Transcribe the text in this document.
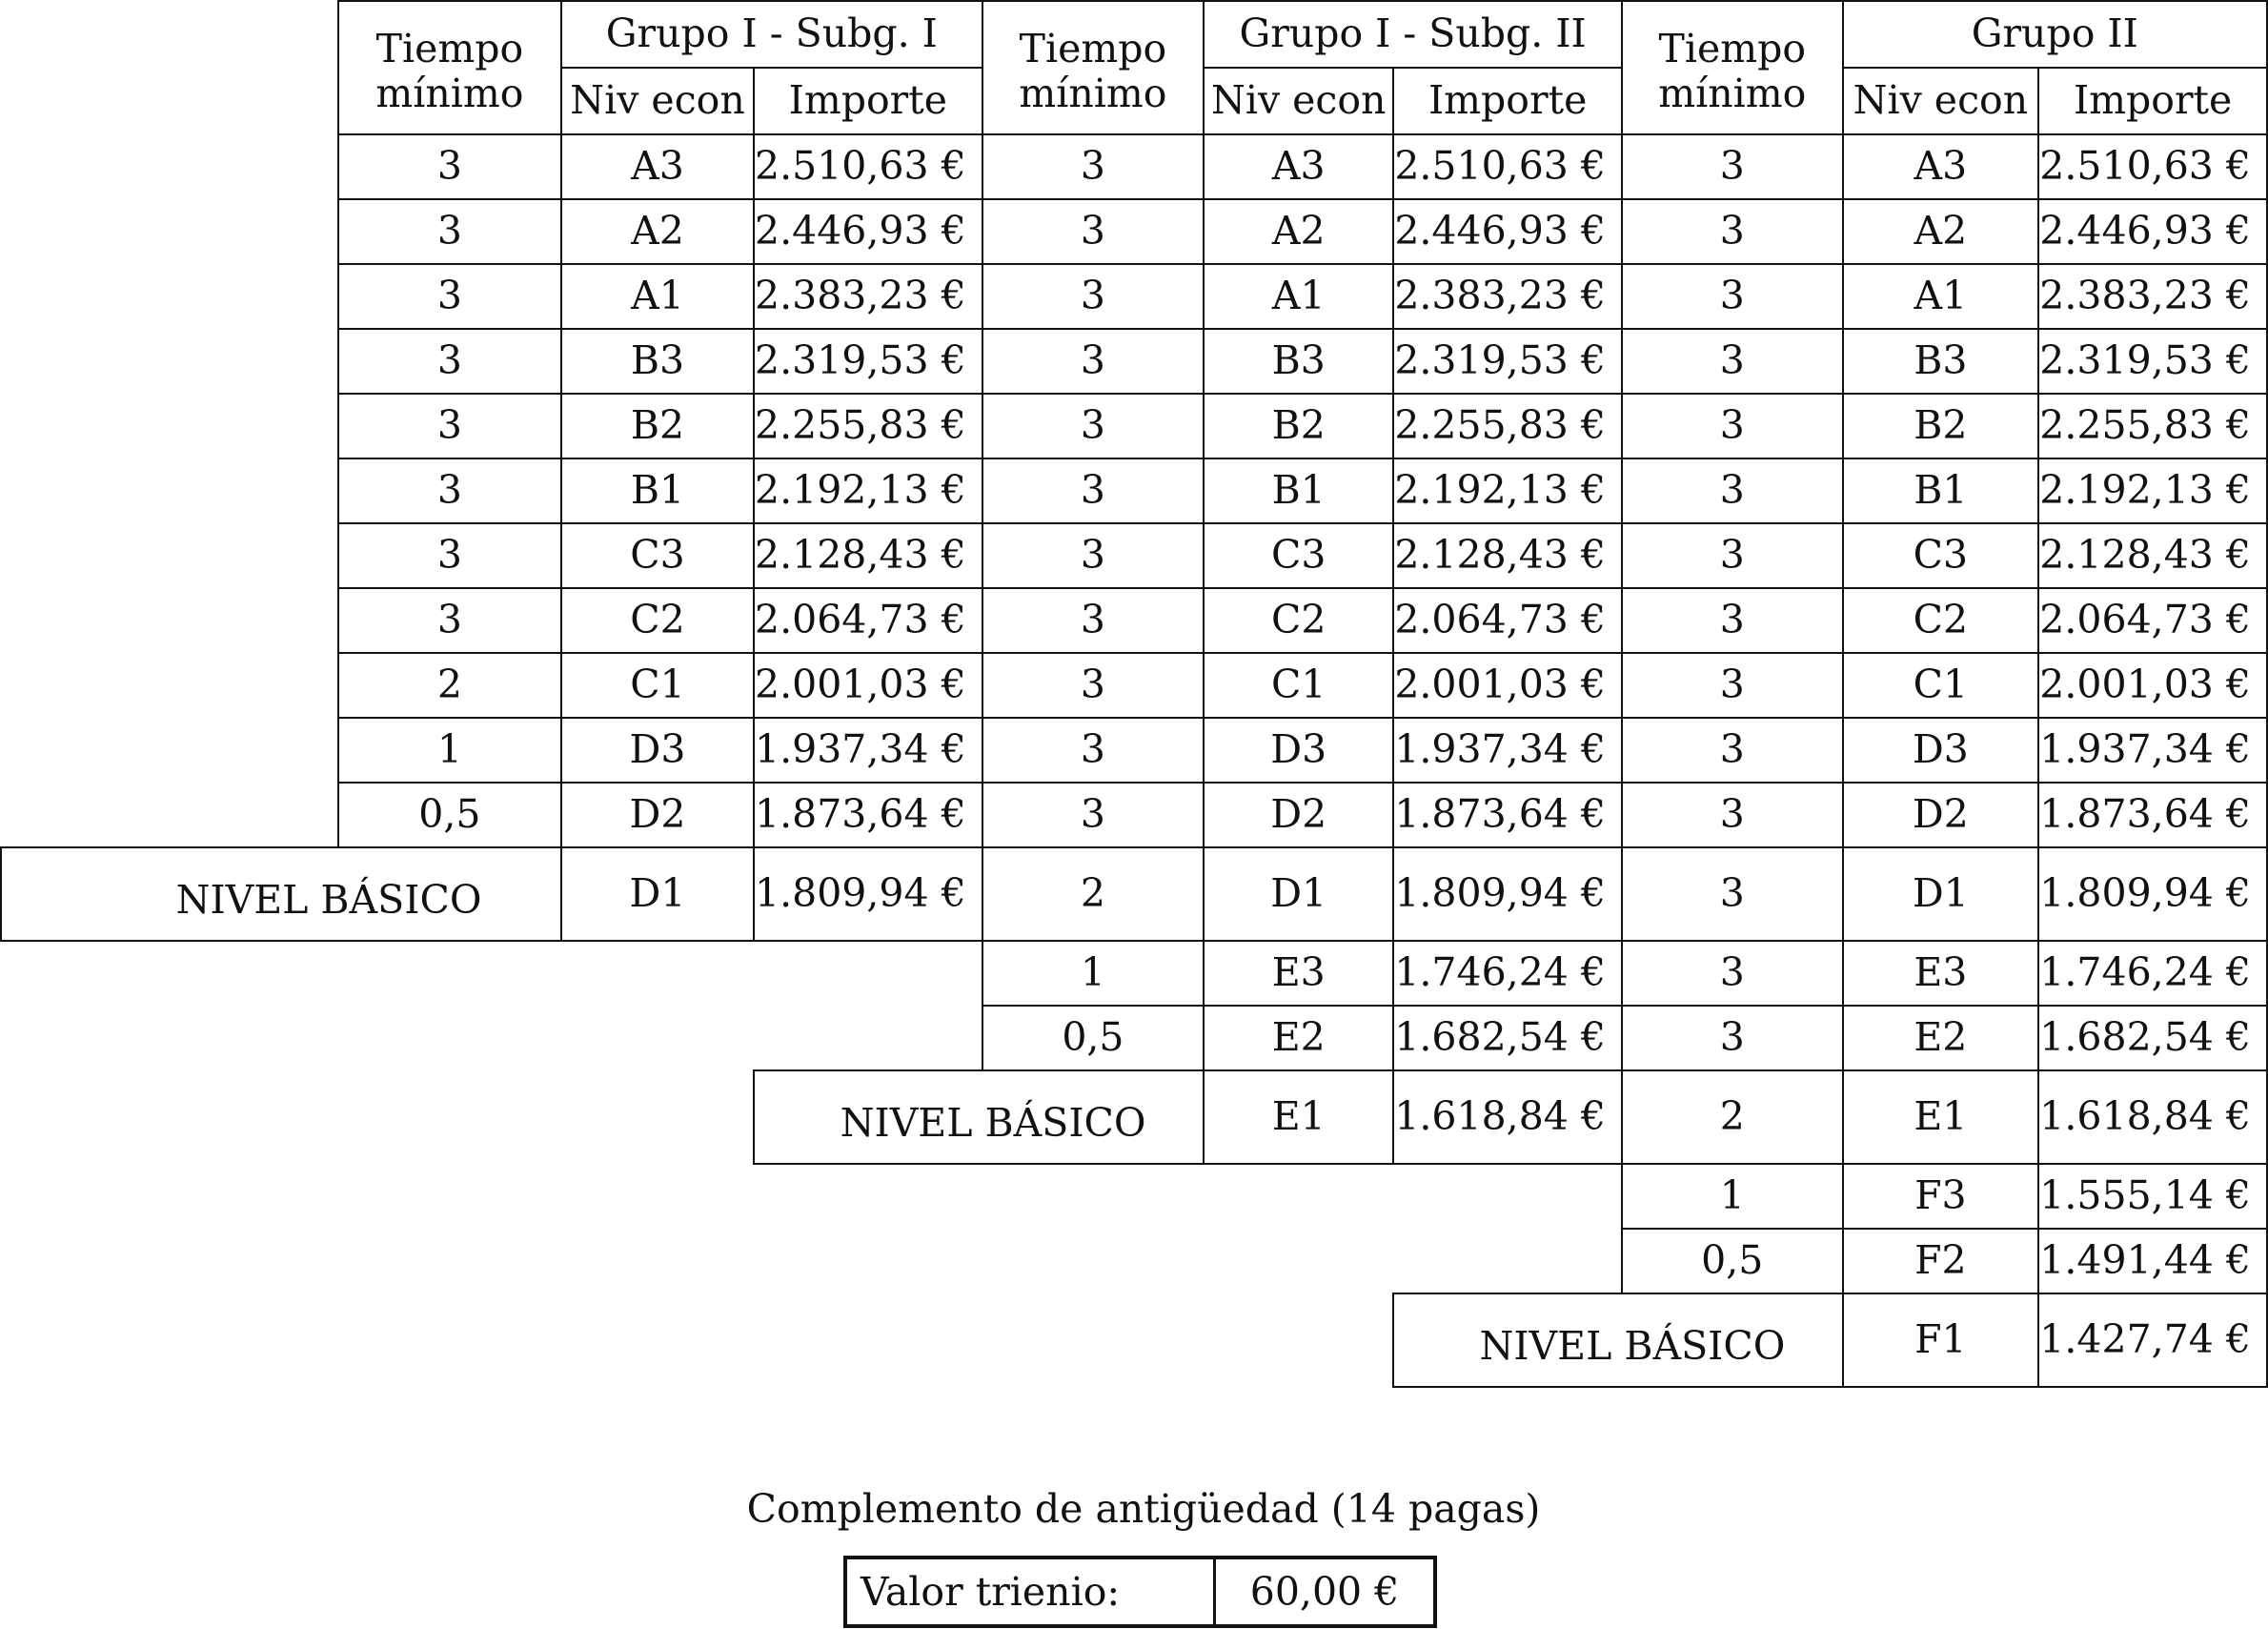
	Tiempo mínimo	Grupo I - Subg. I		Tiempo mínimo	Grupo I - Subg. II		Tiempo mínimo	Grupo II	
		Niv econ	Importe		Niv econ	Importe		Niv econ	Importe
	3	A3	2.510,63 €	3	A3	2.510,63 €	3	A3	2.510,63 €
	3	A2	2.446,93 €	3	A2	2.446,93 €	3	A2	2.446,93 €
	3	A1	2.383,23 €	3	A1	2.383,23 €	3	A1	2.383,23 €
	3	B3	2.319,53 €	3	B3	2.319,53 €	3	B3	2.319,53 €
	3	B2	2.255,83 €	3	B2	2.255,83 €	3	B2	2.255,83 €
	3	B1	2.192,13 €	3	B1	2.192,13 €	3	B1	2.192,13 €
	3	C3	2.128,43 €	3	C3	2.128,43 €	3	C3	2.128,43 €
	3	C2	2.064,73 €	3	C2	2.064,73 €	3	C2	2.064,73 €
	2	C1	2.001,03 €	3	C1	2.001,03 €	3	C1	2.001,03 €
	1	D3	1.937,34 €	3	D3	1.937,34 €	3	D3	1.937,34 €
	0,5	D2	1.873,64 €	3	D2	1.873,64 €	3	D2	1.873,64 €
NIVEL BÁSICO		D1	1.809,94 €	2	D1	1.809,94 €	3	D1	1.809,94 €
				1	E3	1.746,24 €	3	E3	1.746,24 €
				0,5	E2	1.682,54 €	3	E2	1.682,54 €
			NIVEL BÁSICO		E1	1.618,84 €	2	E1	1.618,84 €
							1	F3	1.555,14 €
							0,5	F2	1.491,44 €
						NIVEL BÁSICO		F1	1.427,74 €
Complemento de antigüedad (14 pagas)
Valor trienio:	60,00 €
